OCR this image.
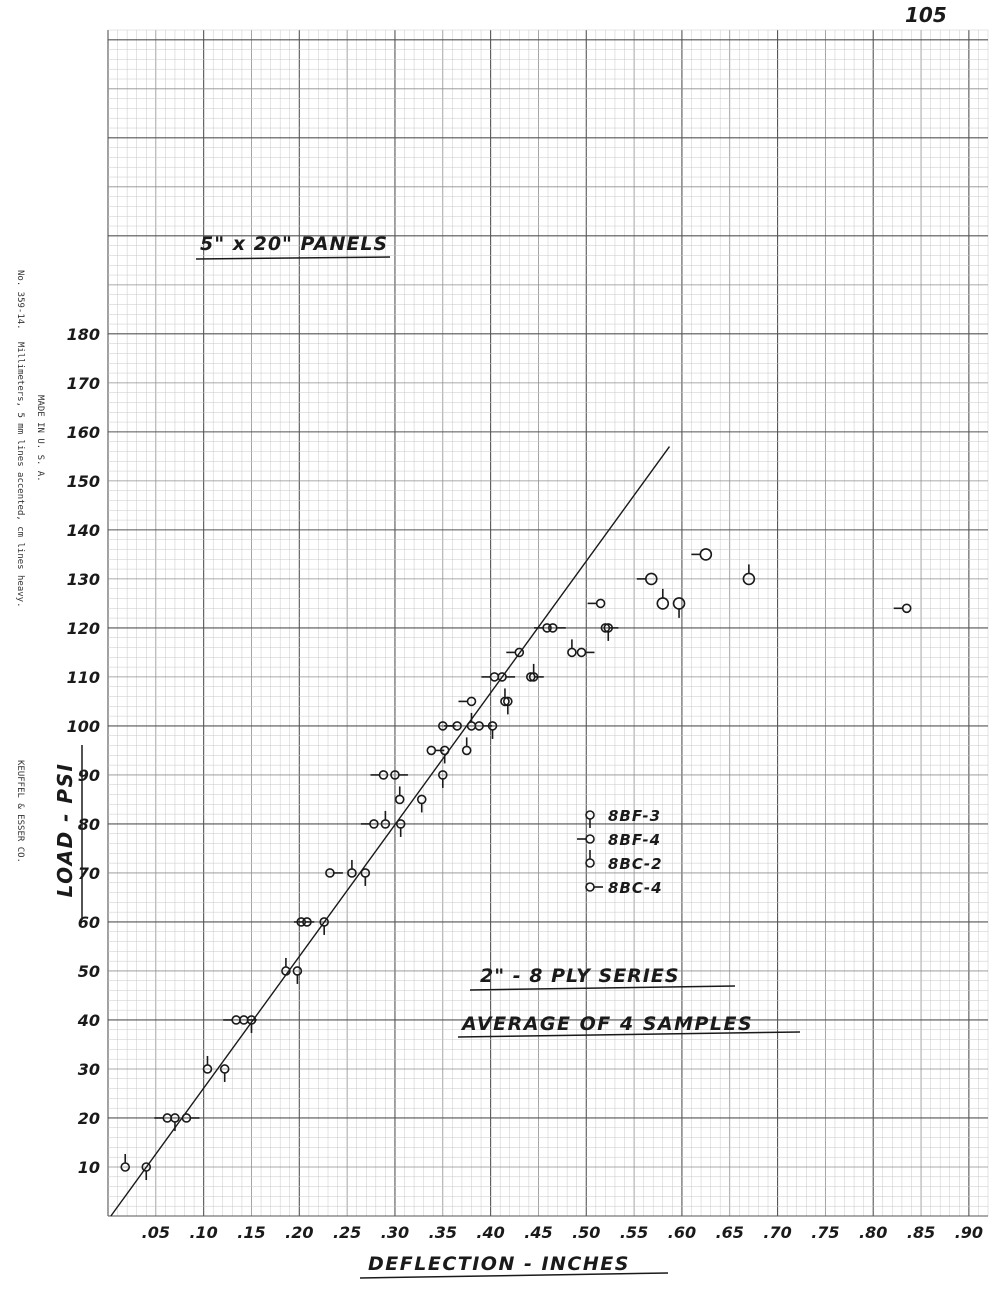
.05 .10 .15 .20 .25 .30 .35 .40 .45 .50 .55 .60 .65 .70 .75 .80 .85 .90
10
20
30
40
50
60
70
80
90
100
110
120
130
140
150
160
170
180
105
5" x 20" PANELS
2" - 8 PLY SERIES
AVERAGE OF 4 SAMPLES
DEFLECTION - INCHES
LOAD - PSI	8BF-3
8BF-4
8BC-2
8BC-4
No. 359-14.
Millimeters, 5 mm lines accented, cm lines heavy. MADE IN U. S. A.
KEUFFEL & ESSER CO.
